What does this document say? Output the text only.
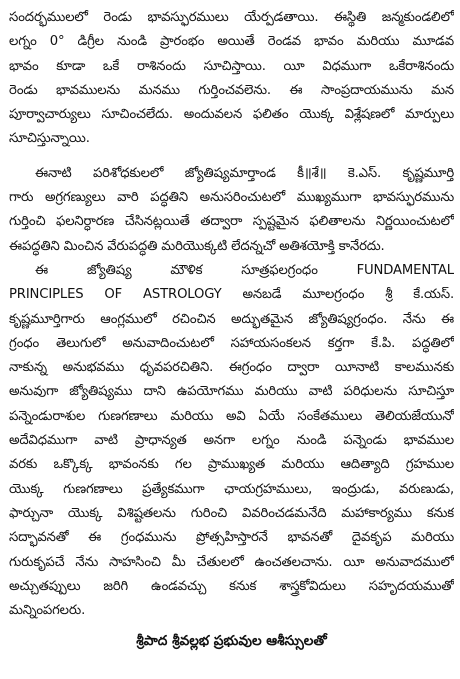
సందర్భములలో రెండు భావస్ఫురములు యేర్పడతాయి. ఈస్థితి జన్మకుండలిలో
లగ్నం 0° డిగ్రీల నుండి ప్రారంభం అయితే రెండవ భావం మరియు మూడవ
భావం కూడా ఒకే రాశినందు సూచిస్తాయి. యీ విధముగా ఒకేరాశినందు
రెండు భావములను మనము గుర్తించవలెను. ఈ సాంప్రదాయమును మన
పూర్వాచార్యులు సూచించలేదు. అందువలన ఫలితం యొక్క విశ్లేషణలో మార్పులు
సూచిస్తున్నాయి.
ఈనాటి పరిశోధకులలో జ్యోతిష్యమార్తాండ కీ॥శే॥ కె.ఎస్. కృష్ణమూర్తి
గారు అగ్రగణ్యులు వారి పద్ధతిని అనుసరించుటలో ముఖ్యముగా భావస్ఫురమును
గుర్తించి ఫలనిర్ధారణ చేసినట్లయితే తద్వారా స్పష్టమైన ఫలితాలను నిర్ణయించుటలో
ఈపద్ధతిని మించిన వేరుపద్ధతి మరియొక్కటి లేదన్నచో అతిశయోక్తి కానేరదు.
ఈ జ్యోతిష్య మౌళిక సూత్రఫలగ్రంధం FUNDAMENTAL
PRINCIPLES OF ASTROLOGY అనబడే మూలగ్రంధం శ్రీ కే.యస్.
కృష్ణమూర్తిగారు ఆంగ్లములో రచించిన అద్భుతమైన జ్యోతిష్యగ్రంధం. నేను ఈ
గ్రంధం తెలుగులో అనువాదించుటలో సహాయసంకలన కర్తగా కే.పి. పద్ధతిలో
నాకున్న అనుభవము ధృవపరచితిని. ఈగ్రంధం ద్వారా యీనాటి కాలమునకు
అనువుగా జ్యోతిష్యము దాని ఉపయోగము మరియు వాటి పరిధులను సూచిస్తూ
పన్నెండురాశుల గుణగణాలు మరియు అవి ఏయే సంకేతములు తెలియజేయునో
అదేవిధముగా వాటి ప్రాధాన్యత అనగా లగ్నం నుండి పన్నెండు భావముల
వరకు ఒక్కొక్క భావంనకు గల ప్రాముఖ్యత మరియు ఆదిత్యాది గ్రహముల
యొక్క గుణగణాలు ప్రత్యేకముగా ఛాయగ్రహములు, ఇంద్రుడు, వరుణుడు,
ఫార్చునా యొక్క విశిష్టతలను గురించి వివరించడమనేది మహాకార్యము కనుక
సద్భావనతో ఈ గ్రంధమును ప్రోత్సహిస్తారనే భావనతో దైవకృప మరియు
గురుకృపచే నేను సాహసించి మీ చేతులలో ఉంచతలచాను. యీ అనువాదములో
అచ్చుతప్పులు జరిగి ఉండవచ్చు కనుక శాస్త్రకోవిదులు సహృదయముతో
మన్నింపగలరు.
శ్రీపాద శ్రీవల్లభ ప్రభువుల ఆశీస్సులతో
